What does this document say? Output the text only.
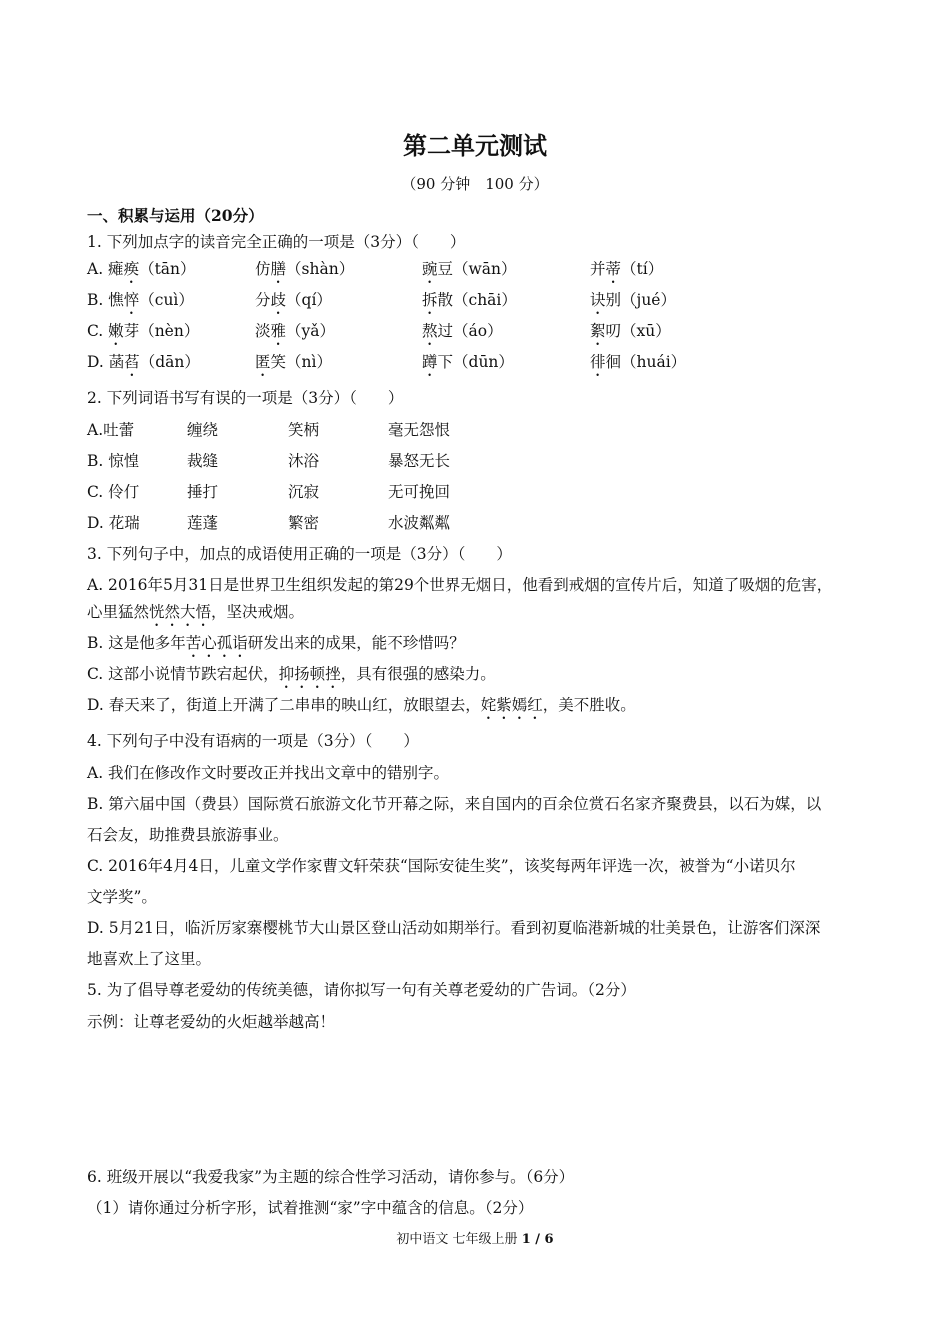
第二单元测试
（90 分钟　100 分）
一、积累与运用（20分）
1. 下列加点字的读音完全正确的一项是（3分）（　　）
A. 瘫痪（tān）	仿膳（shàn）	豌豆（wān）	并蒂（tí）
B. 憔悴（cuì）	分歧（qí）	拆散（chāi）	诀别（jué）
C. 嫩芽（nèn）	淡雅（yǎ）	熬过（áo）	絮叨（xū）
D. 菡萏（dān）	匿笑（nì）	蹲下（dūn）	徘徊（huái）
2. 下列词语书写有误的一项是（3分）（　　）
A.吐蕾	缠绕	笑柄	毫无怨恨
B. 惊惶	裁缝	沐浴	暴怒无长
C. 伶仃	捶打	沉寂	无可挽回
D. 花瑞	莲蓬	繁密	水波粼粼
3. 下列句子中，加点的成语使用正确的一项是（3分）（　　）
A. 2016年5月31日是世界卫生组织发起的第29个世界无烟日，他看到戒烟的宣传片后，知道了吸烟的危害，
心里猛然恍然大悟，坚决戒烟。
B. 这是他多年苦心孤诣研发出来的成果，能不珍惜吗？
C. 这部小说情节跌宕起伏，抑扬顿挫，具有很强的感染力。
D. 春天来了，街道上开满了二串串的映山红，放眼望去，姹紫嫣红，美不胜收。
4. 下列句子中没有语病的一项是（3分）（　　）
A. 我们在修改作文时要改正并找出文章中的错别字。
B. 第六届中国（费县）国际赏石旅游文化节开幕之际，来自国内的百余位赏石名家齐聚费县，以石为媒，以
石会友，助推费县旅游事业。
C. 2016年4月4日，儿童文学作家曹文轩荣获“国际安徒生奖”，该奖每两年评选一次，被誉为“小诺贝尔
文学奖”。
D. 5月21日，临沂厉家寨樱桃节大山景区登山活动如期举行。看到初夏临港新城的壮美景色，让游客们深深
地喜欢上了这里。
5. 为了倡导尊老爱幼的传统美德，请你拟写一句有关尊老爱幼的广告词。（2分）
示例：让尊老爱幼的火炬越举越高！
6. 班级开展以“我爱我家”为主题的综合性学习活动，请你参与。（6分）
（1）请你通过分析字形，试着推测“家”字中蕴含的信息。（2分）
初中语文 七年级上册 1 / 6
